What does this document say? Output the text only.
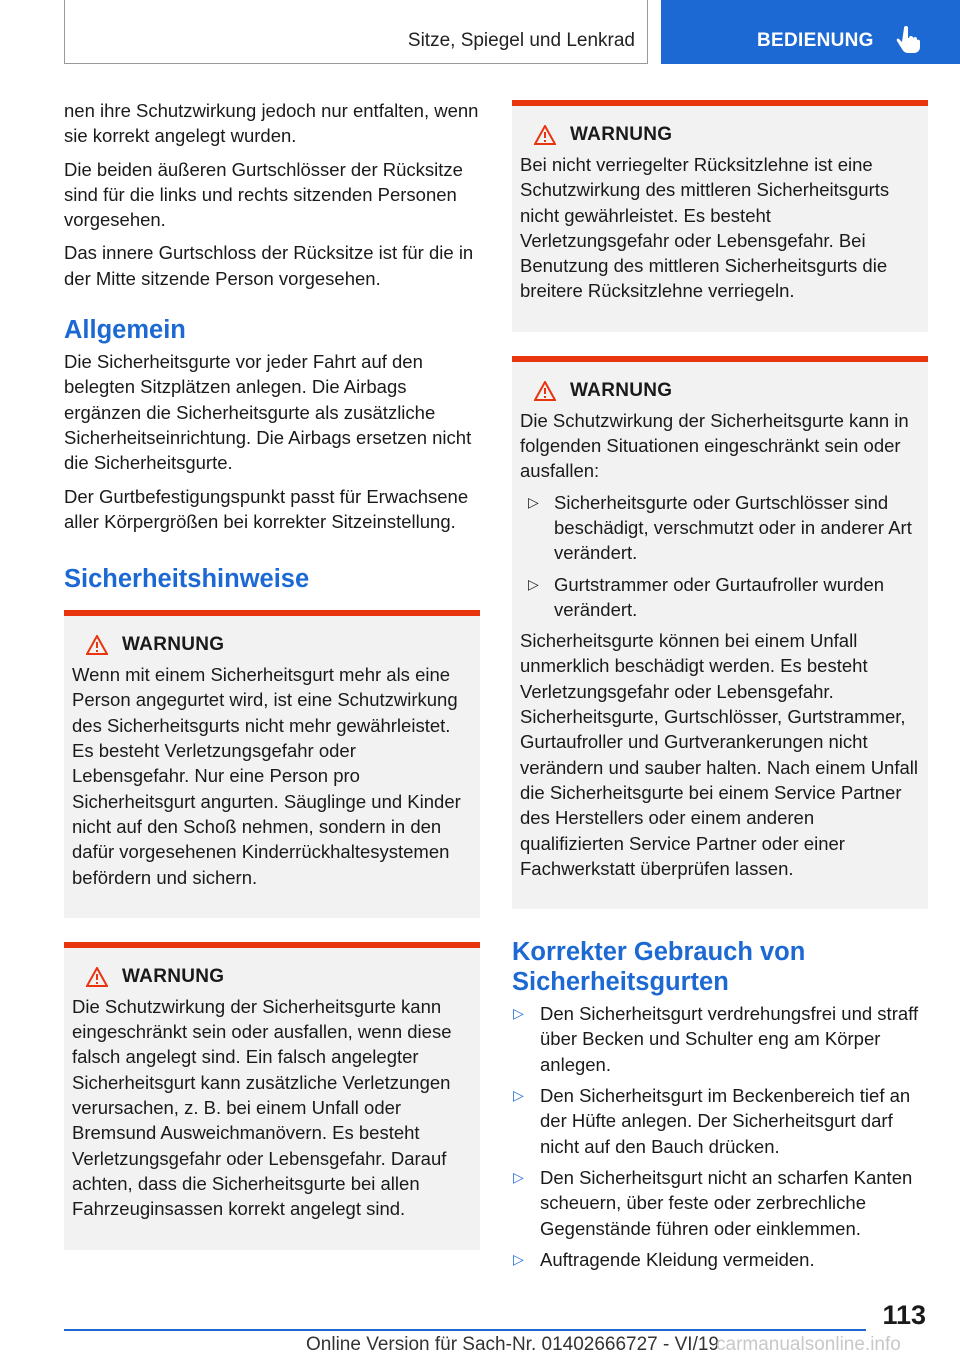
Sitze, Spiegel und Lenkrad	BEDIENUNG

nen ihre Schutzwirkung jedoch nur entfalten, wenn sie korrekt angelegt wurden.

Die beiden äußeren Gurtschlösser der Rücksitze sind für die links und rechts sitzenden Personen vorgesehen.

Das innere Gurtschloss der Rücksitze ist für die in der Mitte sitzende Person vorgesehen.

Allgemein

Die Sicherheitsgurte vor jeder Fahrt auf den belegten Sitzplätzen anlegen. Die Airbags ergänzen die Sicherheitsgurte als zusätzliche Sicherheitseinrichtung. Die Airbags ersetzen nicht die Sicherheitsgurte.

Der Gurtbefestigungspunkt passt für Erwachsene aller Körpergrößen bei korrekter Sitzeinstellung.

Sicherheitshinweise
WARNUNG

Wenn mit einem Sicherheitsgurt mehr als eine Person angegurtet wird, ist eine Schutzwirkung des Sicherheitsgurts nicht mehr gewährleistet. Es besteht Verletzungsgefahr oder Lebensgefahr. Nur eine Person pro Sicherheitsgurt angurten. Säuglinge und Kinder nicht auf den Schoß nehmen, sondern in den dafür vorgesehenen Kinderrückhaltesystemen befördern und sichern.

WARNUNG

Die Schutzwirkung der Sicherheitsgurte kann eingeschränkt sein oder ausfallen, wenn diese falsch angelegt sind. Ein falsch angelegter Sicherheitsgurt kann zusätzliche Verletzungen verursachen, z. B. bei einem Unfall oder Bremsund Ausweichmanövern. Es besteht Verletzungsgefahr oder Lebensgefahr. Darauf achten, dass die Sicherheitsgurte bei allen Fahrzeuginsassen korrekt angelegt sind.

WARNUNG

Bei nicht verriegelter Rücksitzlehne ist eine Schutzwirkung des mittleren Sicherheitsgurts nicht gewährleistet. Es besteht Verletzungsgefahr oder Lebensgefahr. Bei Benutzung des mittleren Sicherheitsgurts die breitere Rücksitzlehne verriegeln.

WARNUNG

Die Schutzwirkung der Sicherheitsgurte kann in folgenden Situationen eingeschränkt sein oder ausfallen:

▷ Sicherheitsgurte oder Gurtschlösser sind beschädigt, verschmutzt oder in anderer Art verändert.
▷ Gurtstrammer oder Gurtaufroller wurden verändert.

Sicherheitsgurte können bei einem Unfall unmerklich beschädigt werden. Es besteht Verletzungsgefahr oder Lebensgefahr. Sicherheitsgurte, Gurtschlösser, Gurtstrammer, Gurtaufroller und Gurtverankerungen nicht verändern und sauber halten. Nach einem Unfall die Sicherheitsgurte bei einem Service Partner des Herstellers oder einem anderen qualifizierten Service Partner oder einer Fachwerkstatt überprüfen lassen.

Korrekter Gebrauch von Sicherheitsgurten
▷ Den Sicherheitsgurt verdrehungsfrei und straff über Becken und Schulter eng am Körper anlegen.
▷ Den Sicherheitsgurt im Beckenbereich tief an der Hüfte anlegen. Der Sicherheitsgurt darf nicht auf den Bauch drücken.
▷ Den Sicherheitsgurt nicht an scharfen Kanten scheuern, über feste oder zerbrechliche Gegenstände führen oder einklemmen.
▷ Auftragende Kleidung vermeiden.
113
Online Version für Sach-Nr. 01402666727 - VI/19
carmanualsonline.info
